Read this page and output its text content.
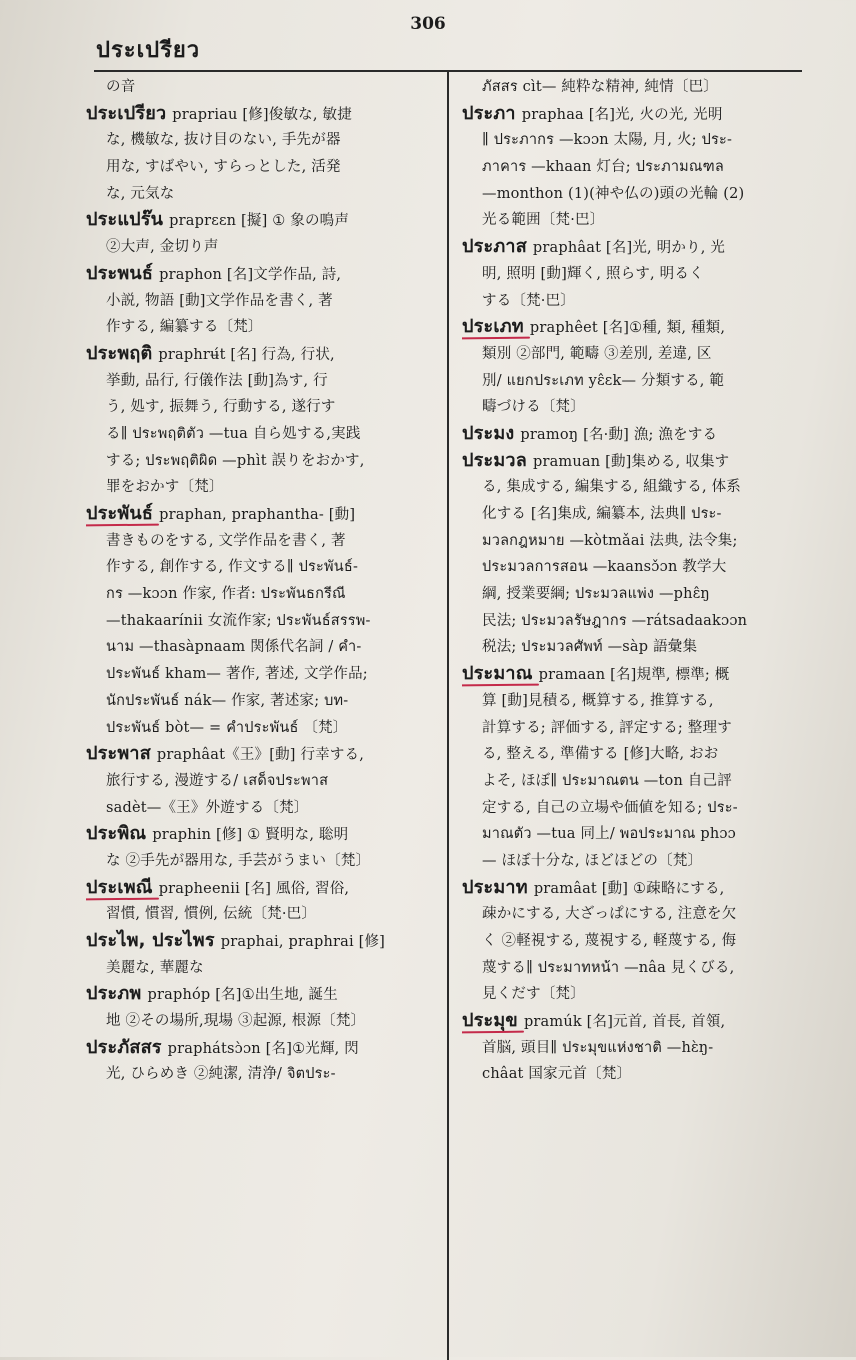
306
ประเปรียว
の音
ประเปรียว prapriau [修]俊敏な, 敏捷
な, 機敏な, 抜け目のない, 手先が器
用な, すばやい, すらっとした, 活発
な, 元気な
ประแปร๊น praprɛɛn [擬] ① 象の鳴声
②大声, 金切り声
ประพนธ์ praphon [名]文学作品, 詩,
小説, 物語 [動]文学作品を書く, 著
作する, 編纂する〔梵〕
ประพฤติ praphrʉ́t [名] 行為, 行状,
挙動, 品行, 行儀作法 [動]為す, 行
う, 処す, 振舞う, 行動する, 遂行す
る∥ ประพฤติตัว —tua 自ら処する,実践
する; ประพฤติผิด —phìt 誤りをおかす,
罪をおかす〔梵〕
ประพันธ์ praphan, praphantha- [動]
書きものをする, 文学作品を書く, 著
作する, 創作する, 作文する∥ ประพันธ์-
กร —kɔɔn 作家, 作者: ประพันธกรีณี
—thakaarínii 女流作家; ประพันธ์สรรพ-
นาม —thasàpnaam 関係代名詞 / คำ-
ประพันธ์ kham— 著作, 著述, 文学作品;
นักประพันธ์ nák— 作家, 著述家; บท-
ประพันธ์ bòt— = คำประพันธ์ 〔梵〕
ประพาส praphâat《王》[動] 行幸する,
旅行する, 漫遊する/ เสด็จประพาส
sadèt—《王》外遊する〔梵〕
ประพิณ praphin [修] ① 賢明な, 聡明
な ②手先が器用な, 手芸がうまい〔梵〕
ประเพณี prapheenii [名] 風俗, 習俗,
習慣, 慣習, 慣例, 伝統〔梵·巴〕
ประไพ, ประไพร praphai, praphrai [修]
美麗な, 華麗な
ประภพ praphóp [名]①出生地, 誕生
地 ②その場所,現場 ③起源, 根源〔梵〕
ประภัสสร praphátsɔ̀ɔn [名]①光輝, 閃
光, ひらめき ②純潔, 清浄/ จิตประ-
ภัสสร cìt— 純粋な精神, 純情〔巴〕
ประภา praphaa [名]光, 火の光, 光明
∥ ประภากร —kɔɔn 太陽, 月, 火; ประ-
ภาคาร —khaan 灯台; ประภามณฑล
—monthon (1)(神や仏の)頭の光輪 (2)
光る範囲〔梵·巴〕
ประภาส praphâat [名]光, 明かり, 光
明, 照明 [動]輝く, 照らす, 明るく
する〔梵·巴〕
ประเภท praphêet [名]①種, 類, 種類,
類別 ②部門, 範疇 ③差別, 差違, 区
別/ แยกประเภท yɛ̂ɛk— 分類する, 範
疇づける〔梵〕
ประมง pramoŋ [名·動] 漁; 漁をする
ประมวล pramuan [動]集める, 収集す
る, 集成する, 編集する, 組織する, 体系
化する [名]集成, 編纂本, 法典∥ ประ-
มวลกฎหมาย —kòtmǎai 法典, 法令集;
ประมวลการสอน —kaansɔ̌ɔn 教学大
綱, 授業要綱; ประมวลแพ่ง —phɛ̂ŋ
民法; ประมวลรัษฎากร —rátsadaakɔɔn
税法; ประมวลศัพท์ —sàp 語彙集
ประมาณ pramaan [名]規準, 標準; 概
算 [動]見積る, 概算する, 推算する,
計算する; 評価する, 評定する; 整理す
る, 整える, 準備する [修]大略, おお
よそ, ほぼ∥ ประมาณตน —ton 自己評
定する, 自己の立場や価値を知る; ประ-
มาณตัว —tua 同上/ พอประมาณ phɔɔ
— ほぼ十分な, ほどほどの〔梵〕
ประมาท pramâat [動] ①疎略にする,
疎かにする, 大ざっぱにする, 注意を欠
く ②軽視する, 蔑視する, 軽蔑する, 侮
蔑する∥ ประมาทหน้า —nâa 見くびる,
見くだす〔梵〕
ประมุข pramúk [名]元首, 首長, 首領,
首脳, 頭目∥ ประมุขแห่งชาติ —hɛ̀ŋ-
châat 国家元首〔梵〕
